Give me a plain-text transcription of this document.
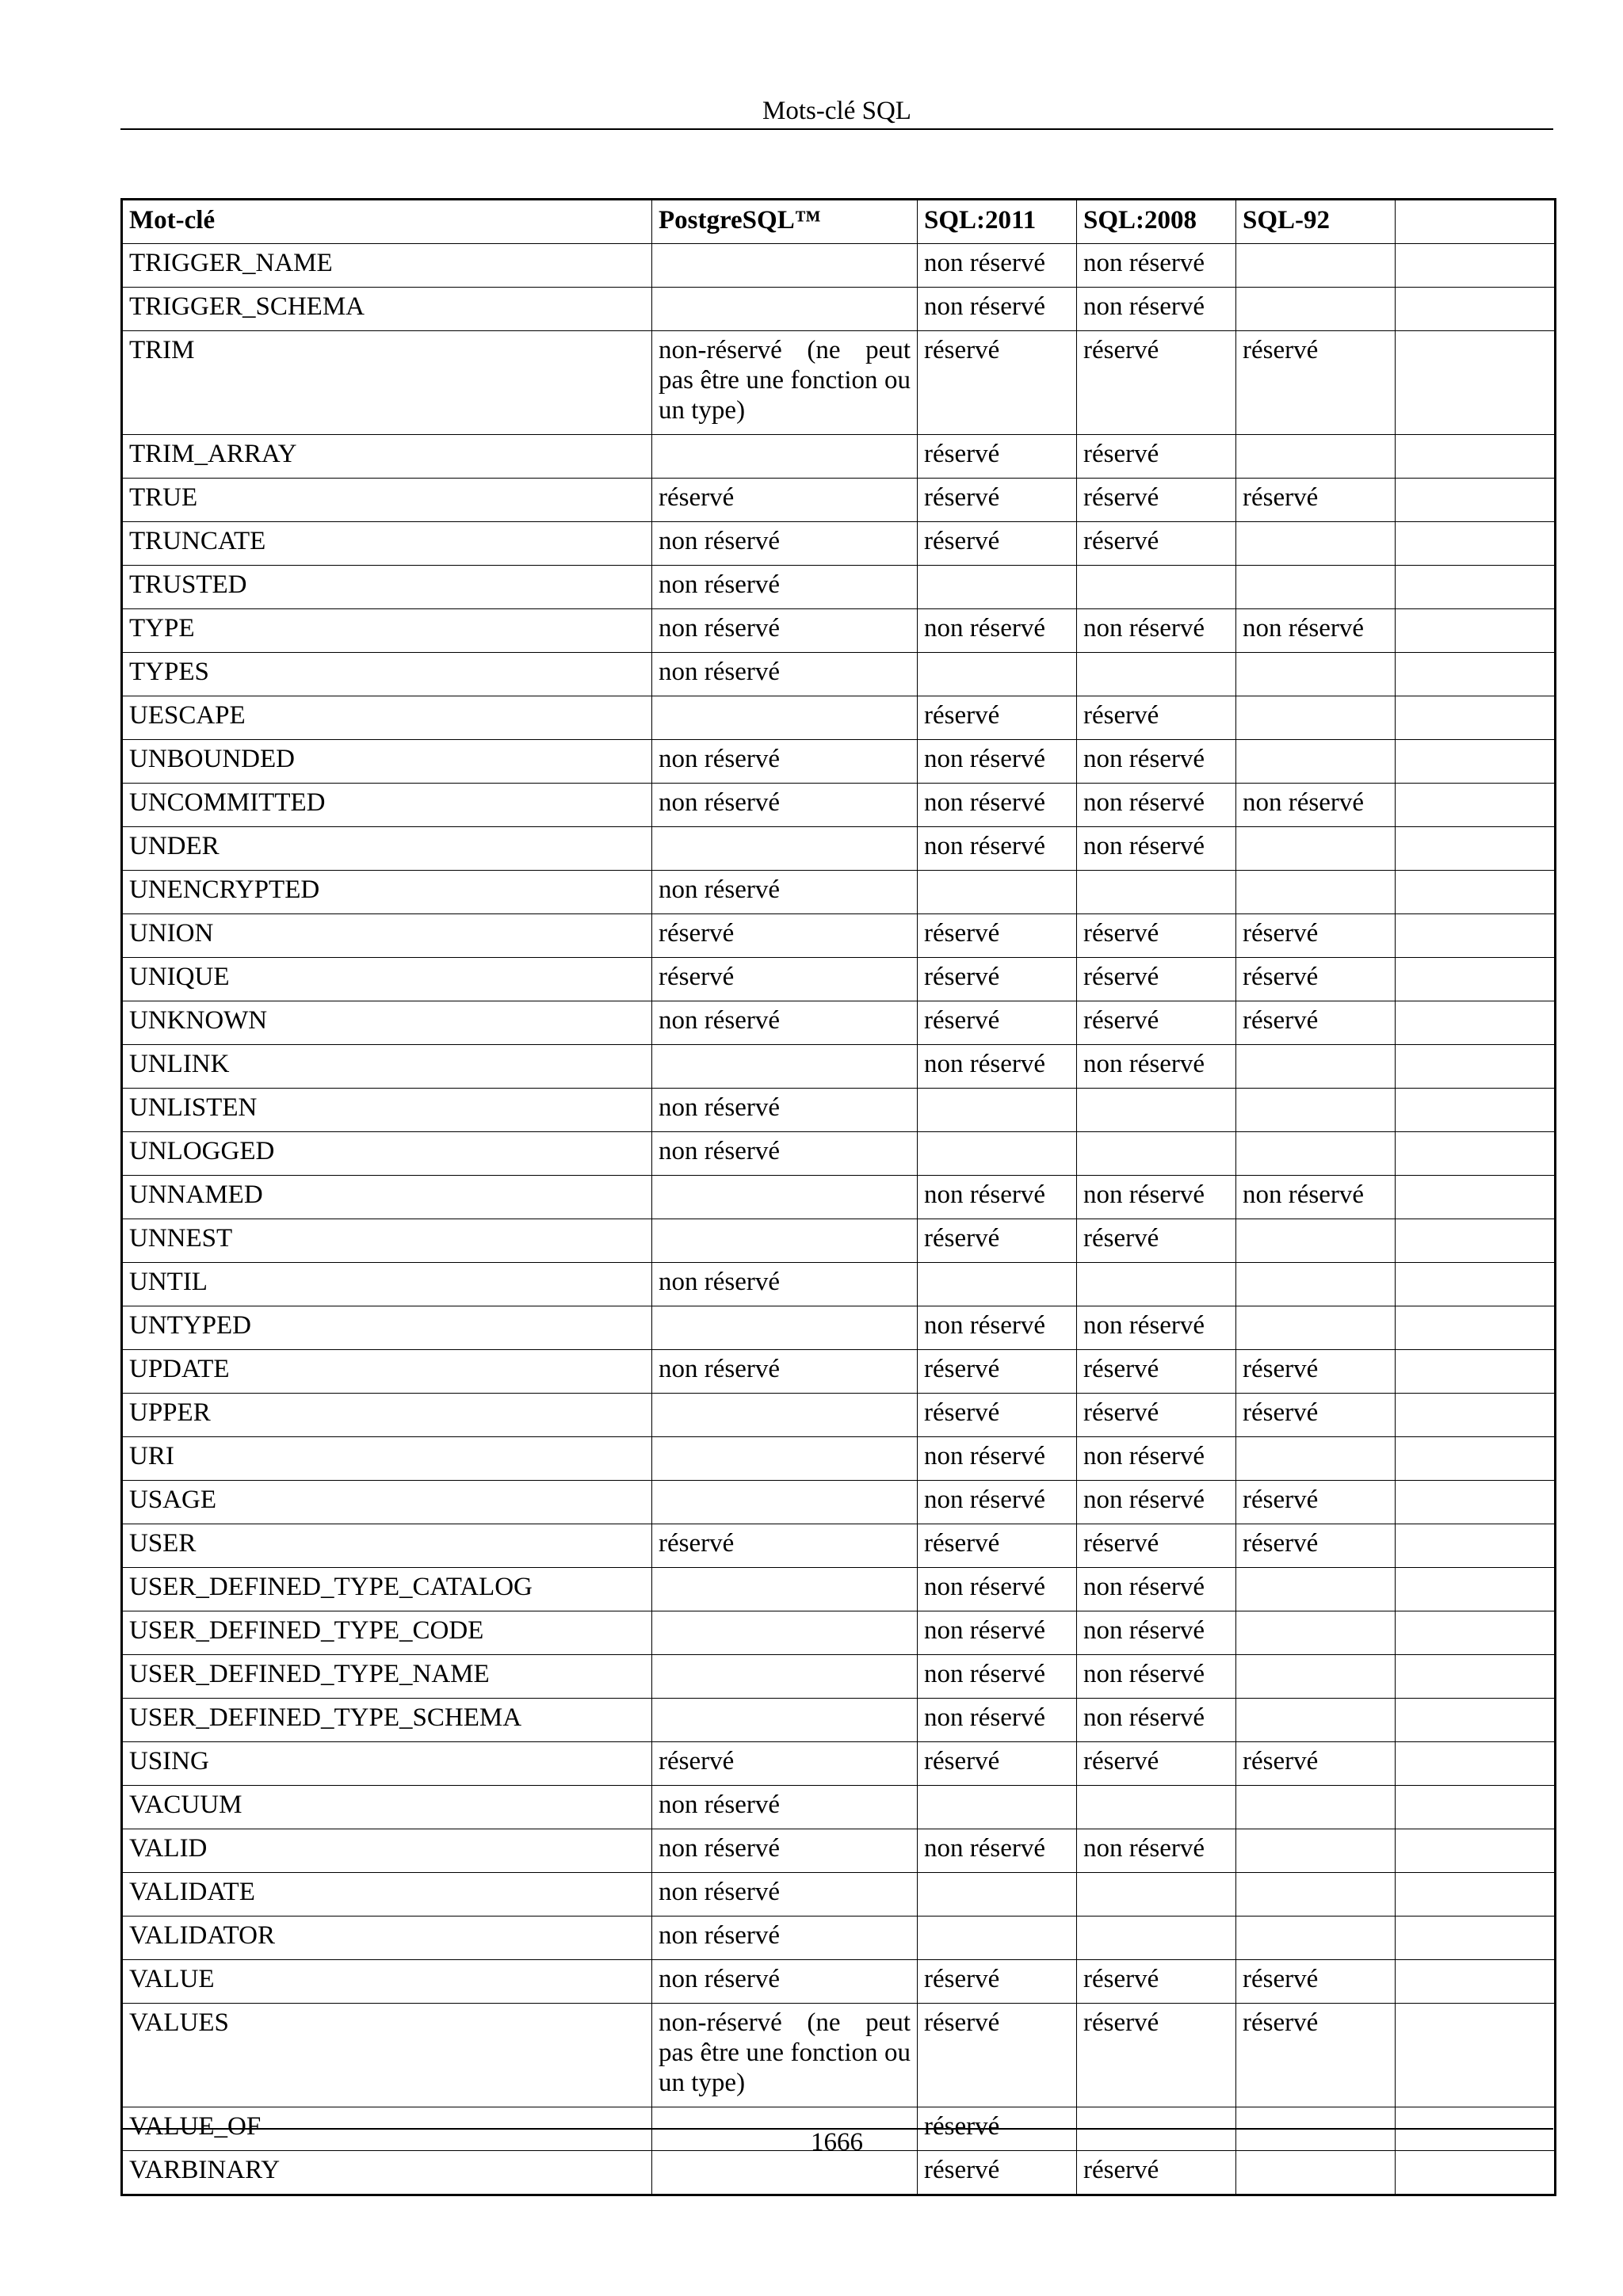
Mots-clé SQL
Mot-clé	PostgreSQL™	SQL:2011	SQL:2008	SQL-92	
TRIGGER_NAME		non réservé	non réservé		
TRIGGER_SCHEMA		non réservé	non réservé		
TRIM	non-réservé (ne peut pas être une fonction ou un type)	réservé	réservé	réservé	
TRIM_ARRAY		réservé	réservé		
TRUE	réservé	réservé	réservé	réservé	
TRUNCATE	non réservé	réservé	réservé		
TRUSTED	non réservé				
TYPE	non réservé	non réservé	non réservé	non réservé	
TYPES	non réservé				
UESCAPE		réservé	réservé		
UNBOUNDED	non réservé	non réservé	non réservé		
UNCOMMITTED	non réservé	non réservé	non réservé	non réservé	
UNDER		non réservé	non réservé		
UNENCRYPTED	non réservé				
UNION	réservé	réservé	réservé	réservé	
UNIQUE	réservé	réservé	réservé	réservé	
UNKNOWN	non réservé	réservé	réservé	réservé	
UNLINK		non réservé	non réservé		
UNLISTEN	non réservé				
UNLOGGED	non réservé				
UNNAMED		non réservé	non réservé	non réservé	
UNNEST		réservé	réservé		
UNTIL	non réservé				
UNTYPED		non réservé	non réservé		
UPDATE	non réservé	réservé	réservé	réservé	
UPPER		réservé	réservé	réservé	
URI		non réservé	non réservé		
USAGE		non réservé	non réservé	réservé	
USER	réservé	réservé	réservé	réservé	
USER_DEFINED_TYPE_CATALOG		non réservé	non réservé		
USER_DEFINED_TYPE_CODE		non réservé	non réservé		
USER_DEFINED_TYPE_NAME		non réservé	non réservé		
USER_DEFINED_TYPE_SCHEMA		non réservé	non réservé		
USING	réservé	réservé	réservé	réservé	
VACUUM	non réservé				
VALID	non réservé	non réservé	non réservé		
VALIDATE	non réservé				
VALIDATOR	non réservé				
VALUE	non réservé	réservé	réservé	réservé	
VALUES	non-réservé (ne peut pas être une fonction ou un type)	réservé	réservé	réservé	
VALUE_OF		réservé			
VARBINARY		réservé	réservé		
1666
